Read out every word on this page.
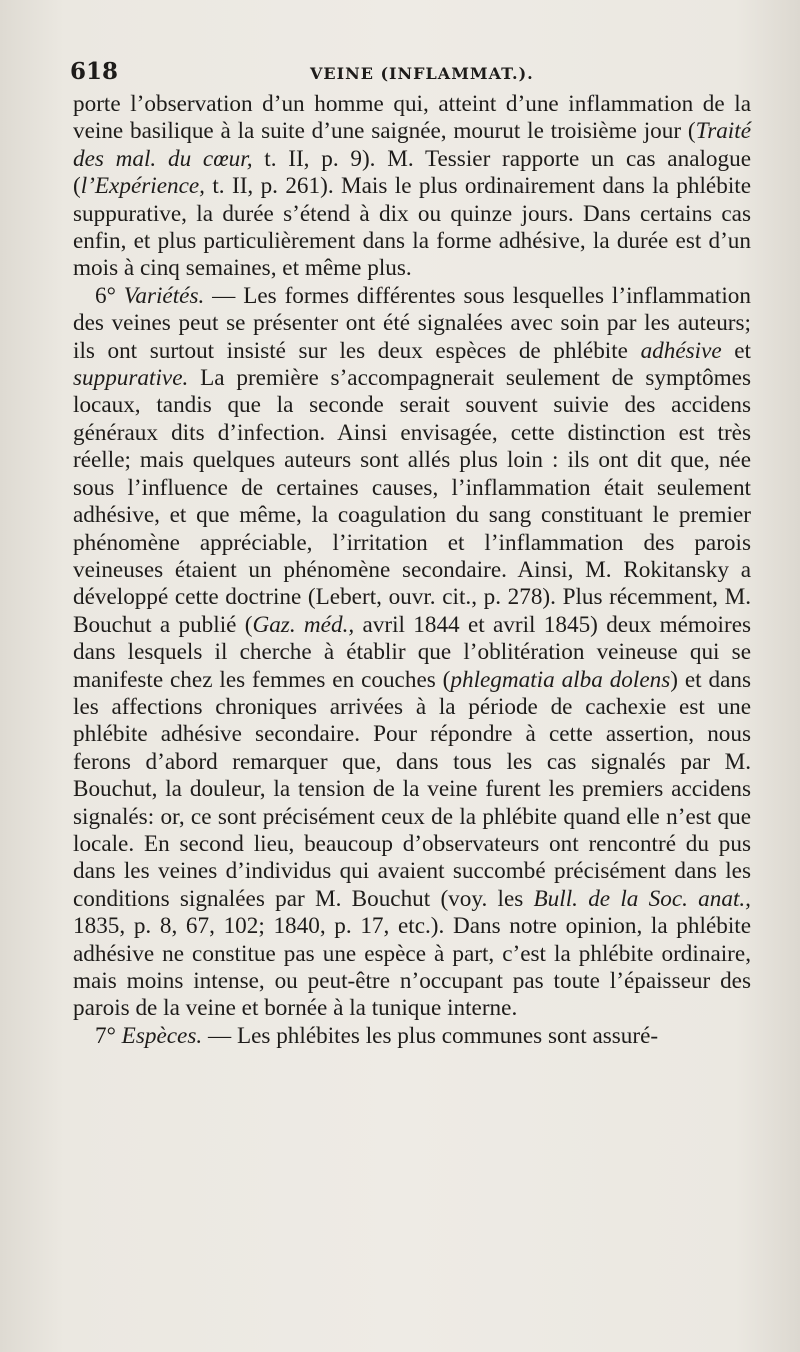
618	VEINE (INFLAMMAT.).

porte l’observation d’un homme qui, atteint d’une inflammation de la veine basilique à la suite d’une saignée, mourut le troisième jour (Traité des mal. du cœur, t. II, p. 9). M. Tessier rapporte un cas analogue (l’Expérience, t. II, p. 261). Mais le plus ordinairement dans la phlébite suppurative, la durée s’étend à dix ou quinze jours. Dans certains cas enfin, et plus particulièrement dans la forme adhésive, la durée est d’un mois à cinq semaines, et même plus.

6° Variétés. — Les formes différentes sous lesquelles l’inflammation des veines peut se présenter ont été signalées avec soin par les auteurs; ils ont surtout insisté sur les deux espèces de phlébite adhésive et suppurative. La première s’accompagnerait seulement de symptômes locaux, tandis que la seconde serait souvent suivie des accidens généraux dits d’infection. Ainsi envisagée, cette distinction est très réelle; mais quelques auteurs sont allés plus loin : ils ont dit que, née sous l’influence de certaines causes, l’inflammation était seulement adhésive, et que même, la coagulation du sang constituant le premier phénomène appréciable, l’irritation et l’inflammation des parois veineuses étaient un phénomène secondaire. Ainsi, M. Rokitansky a développé cette doctrine (Lebert, ouvr. cit., p. 278). Plus récemment, M. Bouchut a publié (Gaz. méd., avril 1844 et avril 1845) deux mémoires dans lesquels il cherche à établir que l’oblitération veineuse qui se manifeste chez les femmes en couches (phlegmatia alba dolens) et dans les affections chroniques arrivées à la période de cachexie est une phlébite adhésive secondaire. Pour répondre à cette assertion, nous ferons d’abord remarquer que, dans tous les cas signalés par M. Bouchut, la douleur, la tension de la veine furent les premiers accidens signalés: or, ce sont précisément ceux de la phlébite quand elle n’est que locale. En second lieu, beaucoup d’observateurs ont rencontré du pus dans les veines d’individus qui avaient succombé précisément dans les conditions signalées par M. Bouchut (voy. les Bull. de la Soc. anat., 1835, p. 8, 67, 102; 1840, p. 17, etc.). Dans notre opinion, la phlébite adhésive ne constitue pas une espèce à part, c’est la phlébite ordinaire, mais moins intense, ou peut-être n’occupant pas toute l’épaisseur des parois de la veine et bornée à la tunique interne.

7° Espèces. — Les phlébites les plus communes sont assuré-
